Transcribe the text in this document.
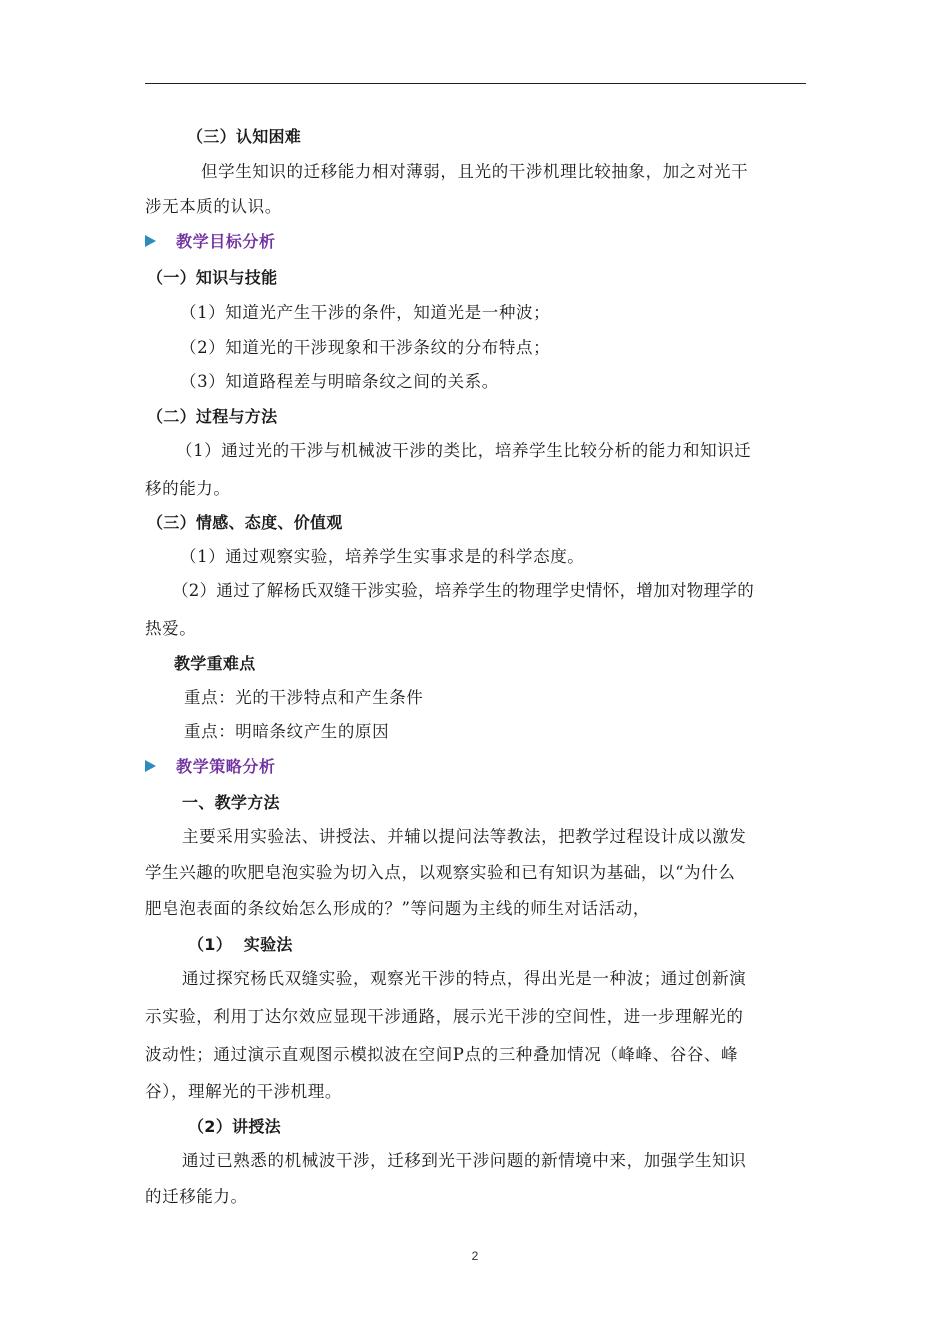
（三）认知困难
但学生知识的迁移能力相对薄弱，且光的干涉机理比较抽象，加之对光干
涉无本质的认识。
教学目标分析
（一）知识与技能
（1）知道光产生干涉的条件，知道光是一种波；
（2）知道光的干涉现象和干涉条纹的分布特点；
（3）知道路程差与明暗条纹之间的关系。
（二）过程与方法
（1）通过光的干涉与机械波干涉的类比，培养学生比较分析的能力和知识迁
移的能力。
（三）情感、态度、价值观
（1）通过观察实验，培养学生实事求是的科学态度。
（2）通过了解杨氏双缝干涉实验，培养学生的物理学史情怀，增加对物理学的
热爱。
教学重难点
重点：光的干涉特点和产生条件
重点：明暗条纹产生的原因
教学策略分析
一、教学方法
主要采用实验法、讲授法、并辅以提问法等教法，把教学过程设计成以激发
学生兴趣的吹肥皂泡实验为切入点，以观察实验和已有知识为基础，以“为什么
肥皂泡表面的条纹始怎么形成的？”等问题为主线的师生对话活动，
（1）  实验法
通过探究杨氏双缝实验，观察光干涉的特点，得出光是一种波；通过创新演
示实验，利用丁达尔效应显现干涉通路，展示光干涉的空间性，进一步理解光的
波动性；通过演示直观图示模拟波在空间P点的三种叠加情况（峰峰、谷谷、峰
谷），理解光的干涉机理。
（2）讲授法
通过已熟悉的机械波干涉，迁移到光干涉问题的新情境中来，加强学生知识
的迁移能力。
2
